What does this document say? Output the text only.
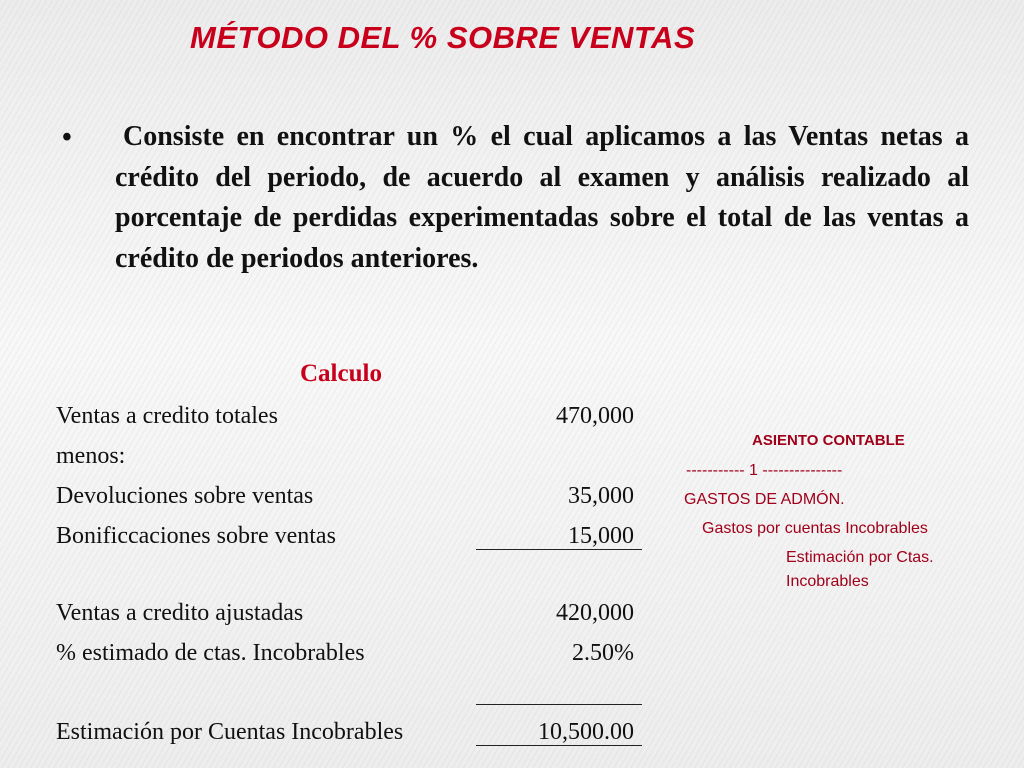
MÉTODO DEL % SOBRE VENTAS
• Consiste en encontrar un % el cual aplicamos a las Ventas netas a crédito del periodo, de acuerdo al examen y análisis realizado al porcentaje de perdidas experimentadas sobre el total de las ventas a crédito de periodos anteriores.
Calculo
Ventas a credito totales	470,000
menos:
Devoluciones sobre ventas	35,000
Bonificcaciones sobre ventas	15,000
Ventas a credito ajustadas	420,000
% estimado de ctas. Incobrables	2.50%
Estimación por Cuentas Incobrables	10,500.00
ASIENTO CONTABLE
----------- 1 ---------------
GASTOS DE ADMÓN.
Gastos por cuentas Incobrables
Estimación por Ctas.
Incobrables
